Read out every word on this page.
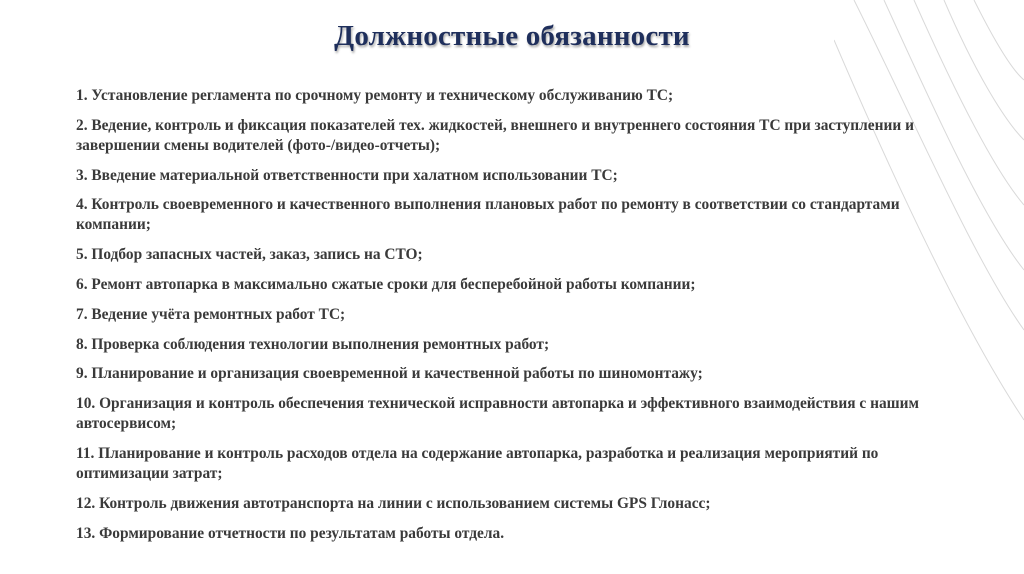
Должностные обязанности
1. Установление регламента по срочному ремонту и техническому обслуживанию ТС;
2. Ведение, контроль и фиксация показателей тех. жидкостей, внешнего и внутреннего состояния ТС при заступлении и завершении смены водителей (фото-/видео-отчеты);
3. Введение материальной ответственности при халатном использовании ТС;
4. Контроль своевременного и качественного выполнения плановых работ по ремонту в соответствии со стандартами компании;
5. Подбор запасных частей, заказ, запись на СТО;
6. Ремонт автопарка в максимально сжатые сроки для бесперебойной работы компании;
7. Ведение учёта ремонтных работ ТС;
8. Проверка соблюдения технологии выполнения ремонтных работ;
9. Планирование и организация своевременной и качественной работы по шиномонтажу;
10. Организация и контроль обеспечения технической исправности автопарка и эффективного взаимодействия с нашим автосервисом;
11. Планирование и контроль расходов отдела на содержание автопарка, разработка и реализация мероприятий по оптимизации затрат;
12. Контроль движения автотранспорта на линии с использованием системы GPS Глонасс;
13. Формирование отчетности по результатам работы отдела.
